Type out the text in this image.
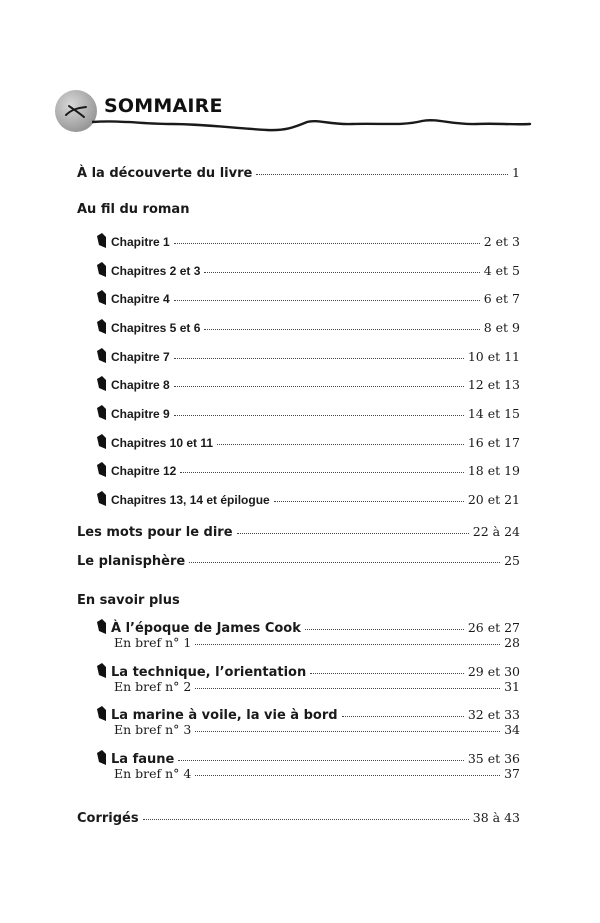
SOMMAIRE
À la découverte du livre	1
Au fil du roman
Chapitre 1	2 et 3
Chapitres 2 et 3	4 et 5
Chapitre 4	6 et 7
Chapitres 5 et 6	8 et 9
Chapitre 7	10 et 11
Chapitre 8	12 et 13
Chapitre 9	14 et 15
Chapitres 10 et 11	16 et 17
Chapitre 12	18 et 19
Chapitres 13, 14 et épilogue	20 et 21
Les mots pour le dire	22 à 24
Le planisphère	25
En savoir plus
À l’époque de James Cook	26 et 27
En bref n° 1	28
La technique, l’orientation	29 et 30
En bref n° 2	31
La marine à voile, la vie à bord	32 et 33
En bref n° 3	34
La faune	35 et 36
En bref n° 4	37
Corrigés	38 à 43
